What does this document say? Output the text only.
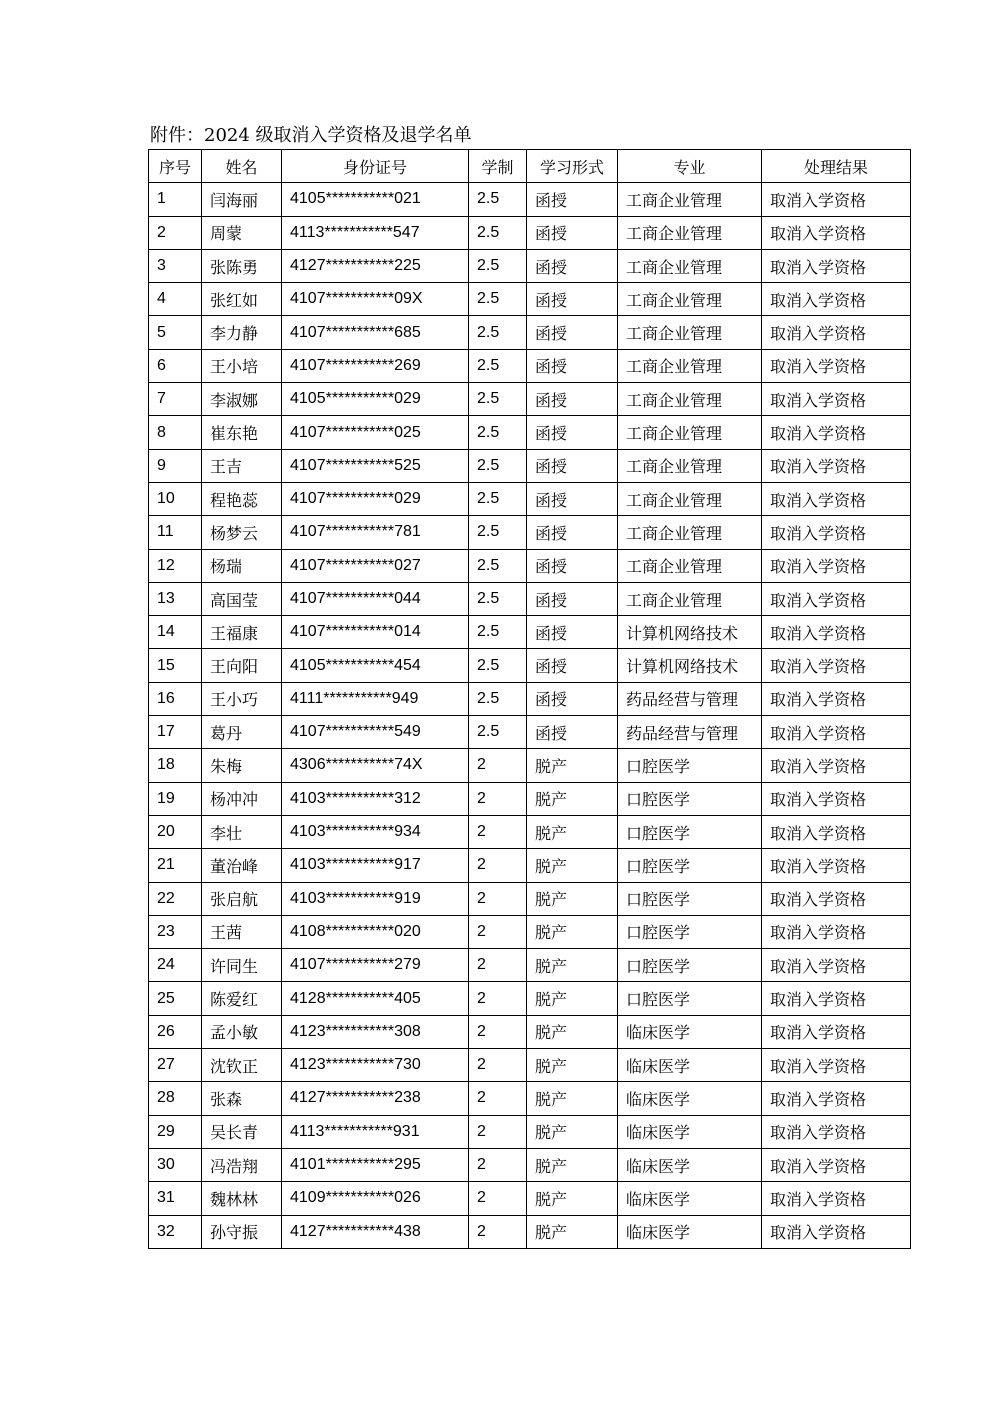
附件：2024 级取消入学资格及退学名单
序号	姓名	身份证号	学制	学习形式	专业	处理结果
1	闫海丽	4105***********021	2.5	函授	工商企业管理	取消入学资格
2	周蒙	4113***********547	2.5	函授	工商企业管理	取消入学资格
3	张陈勇	4127***********225	2.5	函授	工商企业管理	取消入学资格
4	张红如	4107***********09X	2.5	函授	工商企业管理	取消入学资格
5	李力静	4107***********685	2.5	函授	工商企业管理	取消入学资格
6	王小培	4107***********269	2.5	函授	工商企业管理	取消入学资格
7	李淑娜	4105***********029	2.5	函授	工商企业管理	取消入学资格
8	崔东艳	4107***********025	2.5	函授	工商企业管理	取消入学资格
9	王吉	4107***********525	2.5	函授	工商企业管理	取消入学资格
10	程艳蕊	4107***********029	2.5	函授	工商企业管理	取消入学资格
11	杨梦云	4107***********781	2.5	函授	工商企业管理	取消入学资格
12	杨瑞	4107***********027	2.5	函授	工商企业管理	取消入学资格
13	高国莹	4107***********044	2.5	函授	工商企业管理	取消入学资格
14	王福康	4107***********014	2.5	函授	计算机网络技术	取消入学资格
15	王向阳	4105***********454	2.5	函授	计算机网络技术	取消入学资格
16	王小巧	4111***********949	2.5	函授	药品经营与管理	取消入学资格
17	葛丹	4107***********549	2.5	函授	药品经营与管理	取消入学资格
18	朱梅	4306***********74X	2	脱产	口腔医学	取消入学资格
19	杨冲冲	4103***********312	2	脱产	口腔医学	取消入学资格
20	李壮	4103***********934	2	脱产	口腔医学	取消入学资格
21	董治峰	4103***********917	2	脱产	口腔医学	取消入学资格
22	张启航	4103***********919	2	脱产	口腔医学	取消入学资格
23	王茜	4108***********020	2	脱产	口腔医学	取消入学资格
24	许同生	4107***********279	2	脱产	口腔医学	取消入学资格
25	陈爱红	4128***********405	2	脱产	口腔医学	取消入学资格
26	孟小敏	4123***********308	2	脱产	临床医学	取消入学资格
27	沈钦正	4123***********730	2	脱产	临床医学	取消入学资格
28	张森	4127***********238	2	脱产	临床医学	取消入学资格
29	吴长青	4113***********931	2	脱产	临床医学	取消入学资格
30	冯浩翔	4101***********295	2	脱产	临床医学	取消入学资格
31	魏林林	4109***********026	2	脱产	临床医学	取消入学资格
32	孙守振	4127***********438	2	脱产	临床医学	取消入学资格
